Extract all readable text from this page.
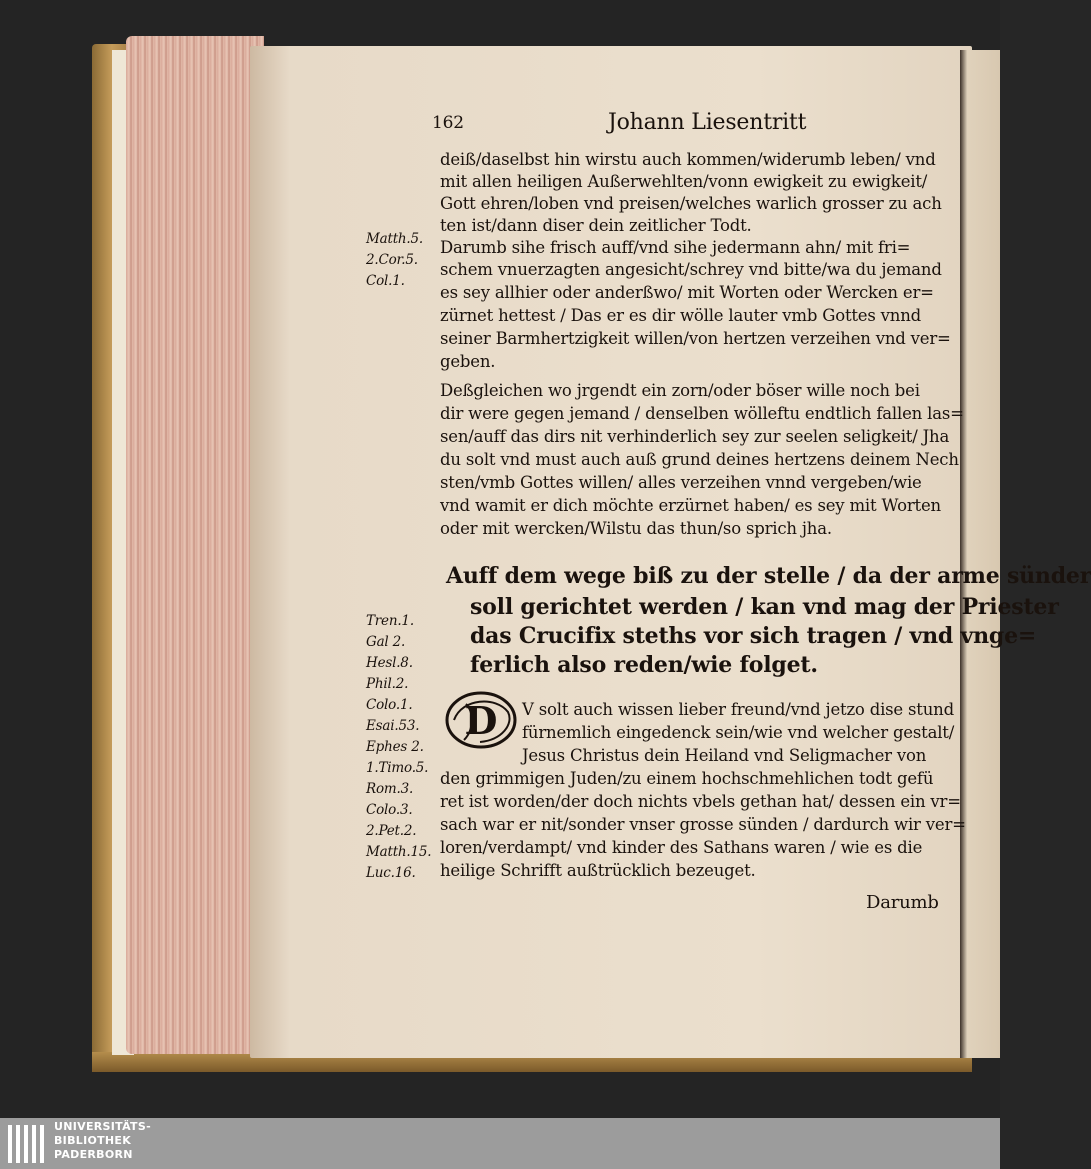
162	Johann Liesentritt
deiß/daselbst hin wirstu auch kommen/widerumb leben/ vnd
mit allen heiligen Außerwehlten/vonn ewigkeit zu ewigkeit/
Gott ehren/loben vnd preisen/welches warlich grosser zu ach
ten ist/dann diser dein zeitlicher Todt.
Darumb sihe frisch auff/vnd sihe jedermann ahn/ mit fri=
schem vnuerzagten angesicht/schrey vnd bitte/wa du jemand
es sey allhier oder anderßwo/ mit Worten oder Wercken er=
zürnet hettest / Das er es dir wölle lauter vmb Gottes vnnd
seiner Barmhertzigkeit willen/von hertzen verzeihen vnd ver=
geben.
Deßgleichen wo jrgendt ein zorn/oder böser wille noch bei
dir were gegen jemand / denselben wölleftu endtlich fallen las=
sen/auff das dirs nit verhinderlich sey zur seelen seligkeit/ Jha
du solt vnd must auch auß grund deines hertzens deinem Nech
sten/vmb Gottes willen/ alles verzeihen vnnd vergeben/wie
vnd wamit er dich möchte erzürnet haben/ es sey mit Worten
oder mit wercken/Wilstu das thun/so sprich jha.
Matth.5.
2.Cor.5.
Col.1.
Auff dem wege biß zu der stelle / da der arme sünder
soll gerichtet werden / kan vnd mag der Priester
das Crucifix steths vor sich tragen / vnd vnge=
ferlich also reden/wie folget.
Tren.1.
Gal 2.
Hesl.8.
Phil.2.
Colo.1.
Esai.53.
Ephes 2.
1.Timo.5.
Rom.3.
Colo.3.
2.Pet.2.
Matth.15.
Luc.16.
D V solt auch wissen lieber freund/vnd jetzo dise stund
fürnemlich eingedenck sein/wie vnd welcher gestalt/
Jesus Christus dein Heiland vnd Seligmacher von
den grimmigen Juden/zu einem hochschmehlichen todt gefü
ret ist worden/der doch nichts vbels gethan hat/ dessen ein vr=
sach war er nit/sonder vnser grosse sünden / dardurch wir ver=
loren/verdampt/ vnd kinder des Sathans waren / wie es die
heilige Schrifft außtrücklich bezeuget.
Darumb
UNIVERSITÄTS-
BIBLIOTHEK
PADERBORN
